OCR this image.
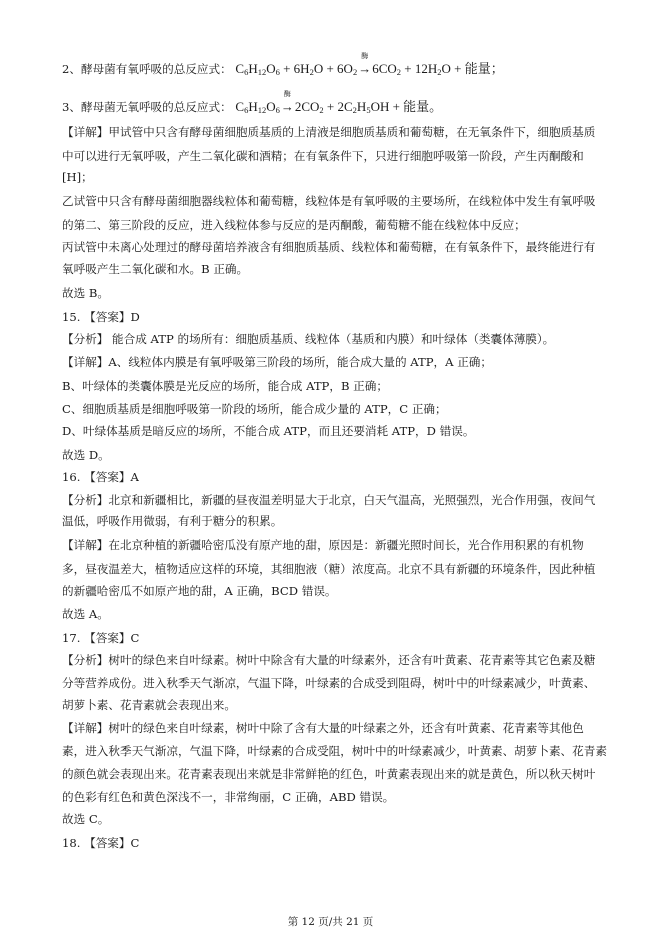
2、酵母菌有氧呼吸的总反应式： $C_6H_{12}O_6 + 6H_2O + 6O_2$
酶
$\to 6CO_2 + 12H_2O$ + 能量；
3、酵母菌无氧呼吸的总反应式： $C_6H_{12}O_6$
酶
$\to 2CO_2 + 2C_2H_5OH$ + 能量。
【详解】甲试管中只含有酵母菌细胞质基质的上清液是细胞质基质和葡萄糖，在无氧条件下，细胞质基质
中可以进行无氧呼吸，产生二氧化碳和酒精；在有氧条件下，只进行细胞呼吸第一阶段，产生丙酮酸和
[H]；
乙试管中只含有酵母菌细胞器线粒体和葡萄糖，线粒体是有氧呼吸的主要场所，在线粒体中发生有氧呼吸
的第二、第三阶段的反应，进入线粒体参与反应的是丙酮酸，葡萄糖不能在线粒体中反应；
丙试管中未离心处理过的酵母菌培养液含有细胞质基质、线粒体和葡萄糖，在有氧条件下，最终能进行有
氧呼吸产生二氧化碳和水。B 正确。
故选 B。
15. 【答案】D
【分析】 能合成 ATP 的场所有：细胞质基质、线粒体（基质和内膜）和叶绿体（类囊体薄膜）。
【详解】A、线粒体内膜是有氧呼吸第三阶段的场所，能合成大量的 ATP，A 正确；
B、叶绿体的类囊体膜是光反应的场所，能合成 ATP，B 正确；
C、细胞质基质是细胞呼吸第一阶段的场所，能合成少量的 ATP，C 正确；
D、叶绿体基质是暗反应的场所，不能合成 ATP，而且还要消耗 ATP，D 错误。
故选 D。
16. 【答案】A
【分析】北京和新疆相比，新疆的昼夜温差明显大于北京，白天气温高，光照强烈，光合作用强，夜间气
温低，呼吸作用微弱，有利于糖分的积累。
【详解】在北京种植的新疆哈密瓜没有原产地的甜，原因是：新疆光照时间长，光合作用积累的有机物
多，昼夜温差大，植物适应这样的环境，其细胞液（糖）浓度高。北京不具有新疆的环境条件，因此种植
的新疆哈密瓜不如原产地的甜，A 正确，BCD 错误。
故选 A。
17. 【答案】C
【分析】树叶的绿色来自叶绿素。树叶中除含有大量的叶绿素外，还含有叶黄素、花青素等其它色素及糖
分等营养成份。进入秋季天气渐凉，气温下降，叶绿素的合成受到阻碍，树叶中的叶绿素减少，叶黄素、
胡萝卜素、花青素就会表现出来。
【详解】树叶的绿色来自叶绿素，树叶中除了含有大量的叶绿素之外，还含有叶黄素、花青素等其他色
素，进入秋季天气渐凉，气温下降，叶绿素的合成受阻，树叶中的叶绿素减少，叶黄素、胡萝卜素、花青素
的颜色就会表现出来。花青素表现出来就是非常鲜艳的红色，叶黄素表现出来的就是黄色，所以秋天树叶
的色彩有红色和黄色深浅不一，非常绚丽，C 正确，ABD 错误。
故选 C。
18. 【答案】C
第 12 页/共 21 页
